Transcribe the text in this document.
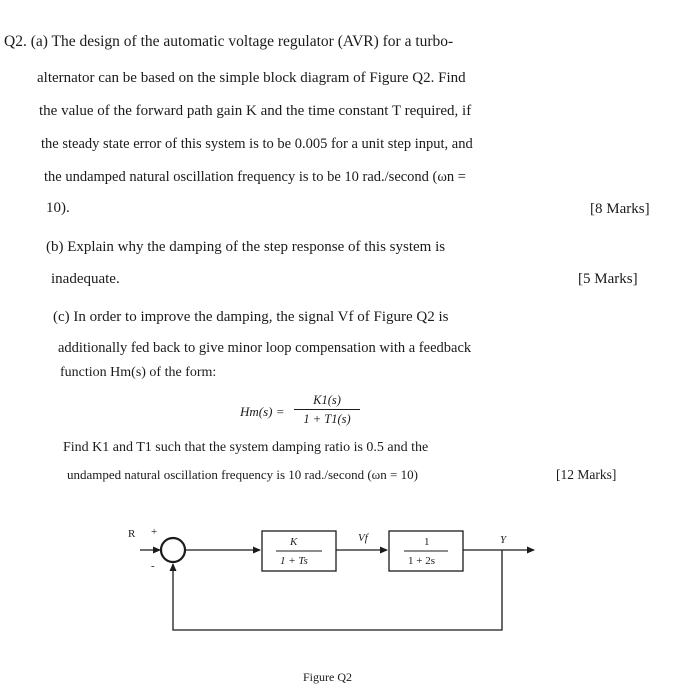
Q2. (a) The design of the automatic voltage regulator (AVR) for a turbo-
alternator can be based on the simple block diagram of Figure Q2. Find
the value of the forward path gain K and the time constant T required, if
the steady state error of this system is to be 0.005 for a unit step input, and
the undamped natural oscillation frequency is to be 10 rad./second (ωn =
10).	[8 Marks]
(b) Explain why the damping of the step response of this system is
inadequate.	[5 Marks]
(c) In order to improve the damping, the signal Vf of Figure Q2 is
additionally fed back to give minor loop compensation with a feedback
function Hm(s) of the form:
Hm(s) =
K1(s)
1 + T1(s)
Find K1 and T1 such that the system damping ratio is 0.5 and the
undamped natural oscillation frequency is 10 rad./second (ωn = 10)	[12 Marks]
R +
-
K
1 + Ts
Vf	1
1 + 2s
Y
Figure Q2
